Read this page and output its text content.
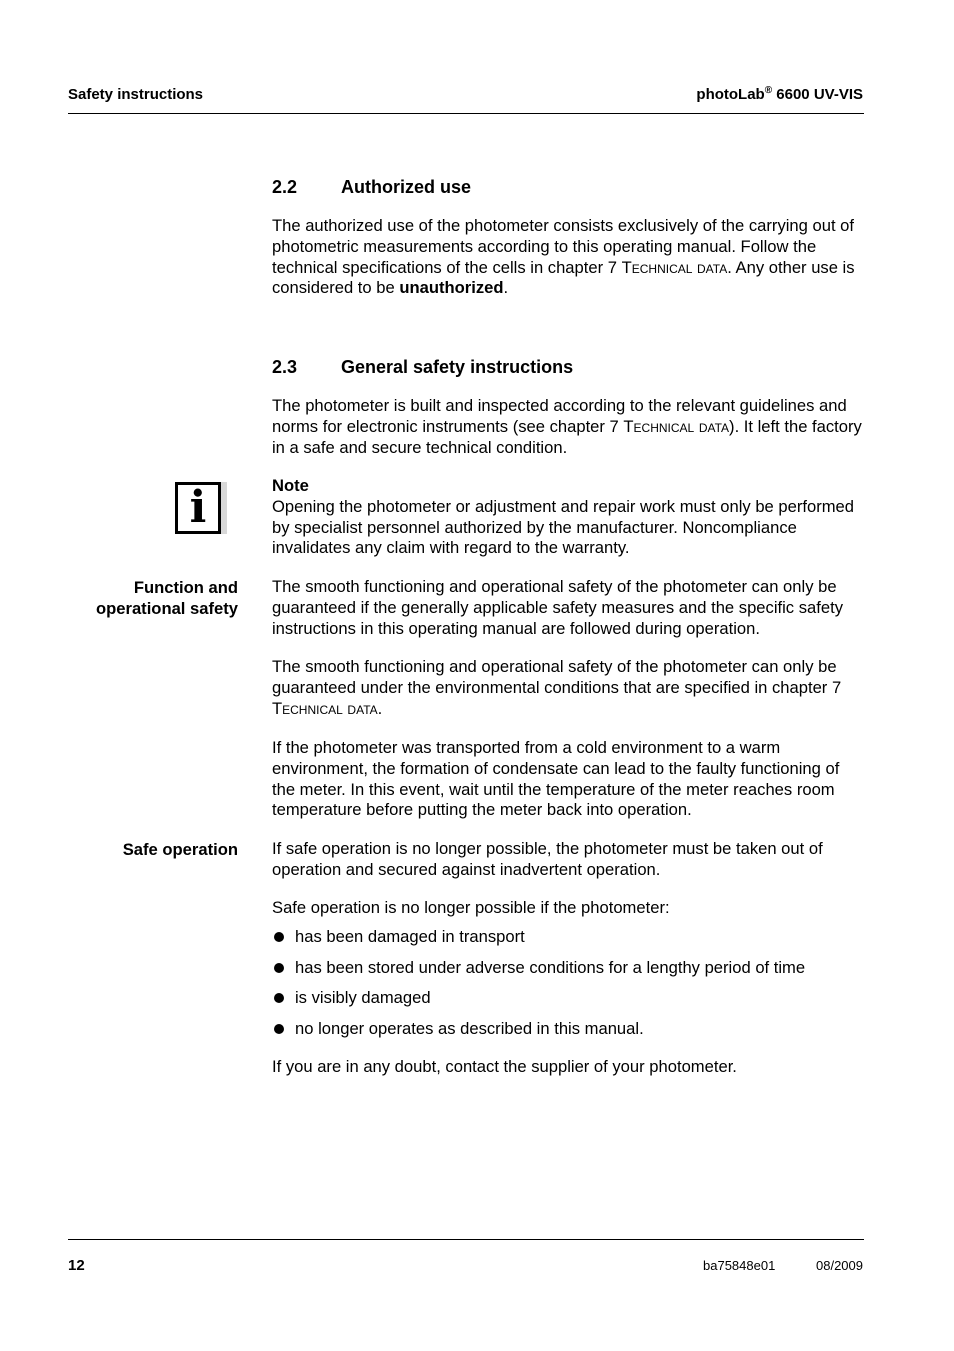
Safety instructions	photoLab® 6600 UV-VIS
2.2 Authorized use
The authorized use of the photometer consists exclusively of the carrying out of photometric measurements according to this operating manual. Follow the technical specifications of the cells in chapter 7 Technical data. Any other use is considered to be unauthorized.
2.3 General safety instructions
The photometer is built and inspected according to the relevant guidelines and norms for electronic instruments (see chapter 7 Technical data). It left the factory in a safe and secure technical condition.
i	Note
Opening the photometer or adjustment and repair work must only be performed by specialist personnel authorized by the manufacturer. Noncompliance invalidates any claim with regard to the warranty.
Function and
operational safety
The smooth functioning and operational safety of the photometer can only be guaranteed if the generally applicable safety measures and the specific safety instructions in this operating manual are followed during operation.
The smooth functioning and operational safety of the photometer can only be guaranteed under the environmental conditions that are specified in chapter 7 Technical data.
If the photometer was transported from a cold environment to a warm environment, the formation of condensate can lead to the faulty functioning of the meter. In this event, wait until the temperature of the meter reaches room temperature before putting the meter back into operation.
Safe operation If safe operation is no longer possible, the photometer must be taken out of operation and secured against inadvertent operation.
Safe operation is no longer possible if the photometer:
has been damaged in transport
has been stored under adverse conditions for a lengthy period of time
is visibly damaged
no longer operates as described in this manual.
If you are in any doubt, contact the supplier of your photometer.
12	ba75848e01	08/2009
